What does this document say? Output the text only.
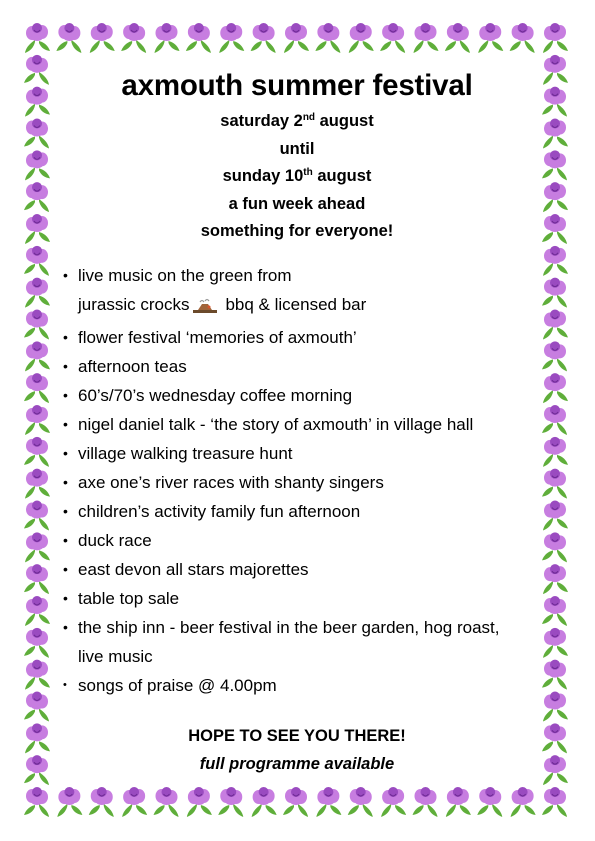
axmouth summer festival
saturday 2nd august
until
sunday 10th august
a fun week ahead
something for everyone!
• live music on the green from
jurassic crocks bbq & licensed bar
• flower festival ‘memories of axmouth’
• afternoon teas
• 60’s/70’s wednesday coffee morning
• nigel daniel talk - ‘the story of axmouth’ in village hall
• village walking treasure hunt
• axe one’s river races with shanty singers
• children’s activity family fun afternoon
• duck race
• east devon all stars majorettes
• table top sale
• the ship inn - beer festival in the beer garden, hog roast,
live music
• songs of praise @ 4.00pm
HOPE TO SEE YOU THERE!
full programme available
